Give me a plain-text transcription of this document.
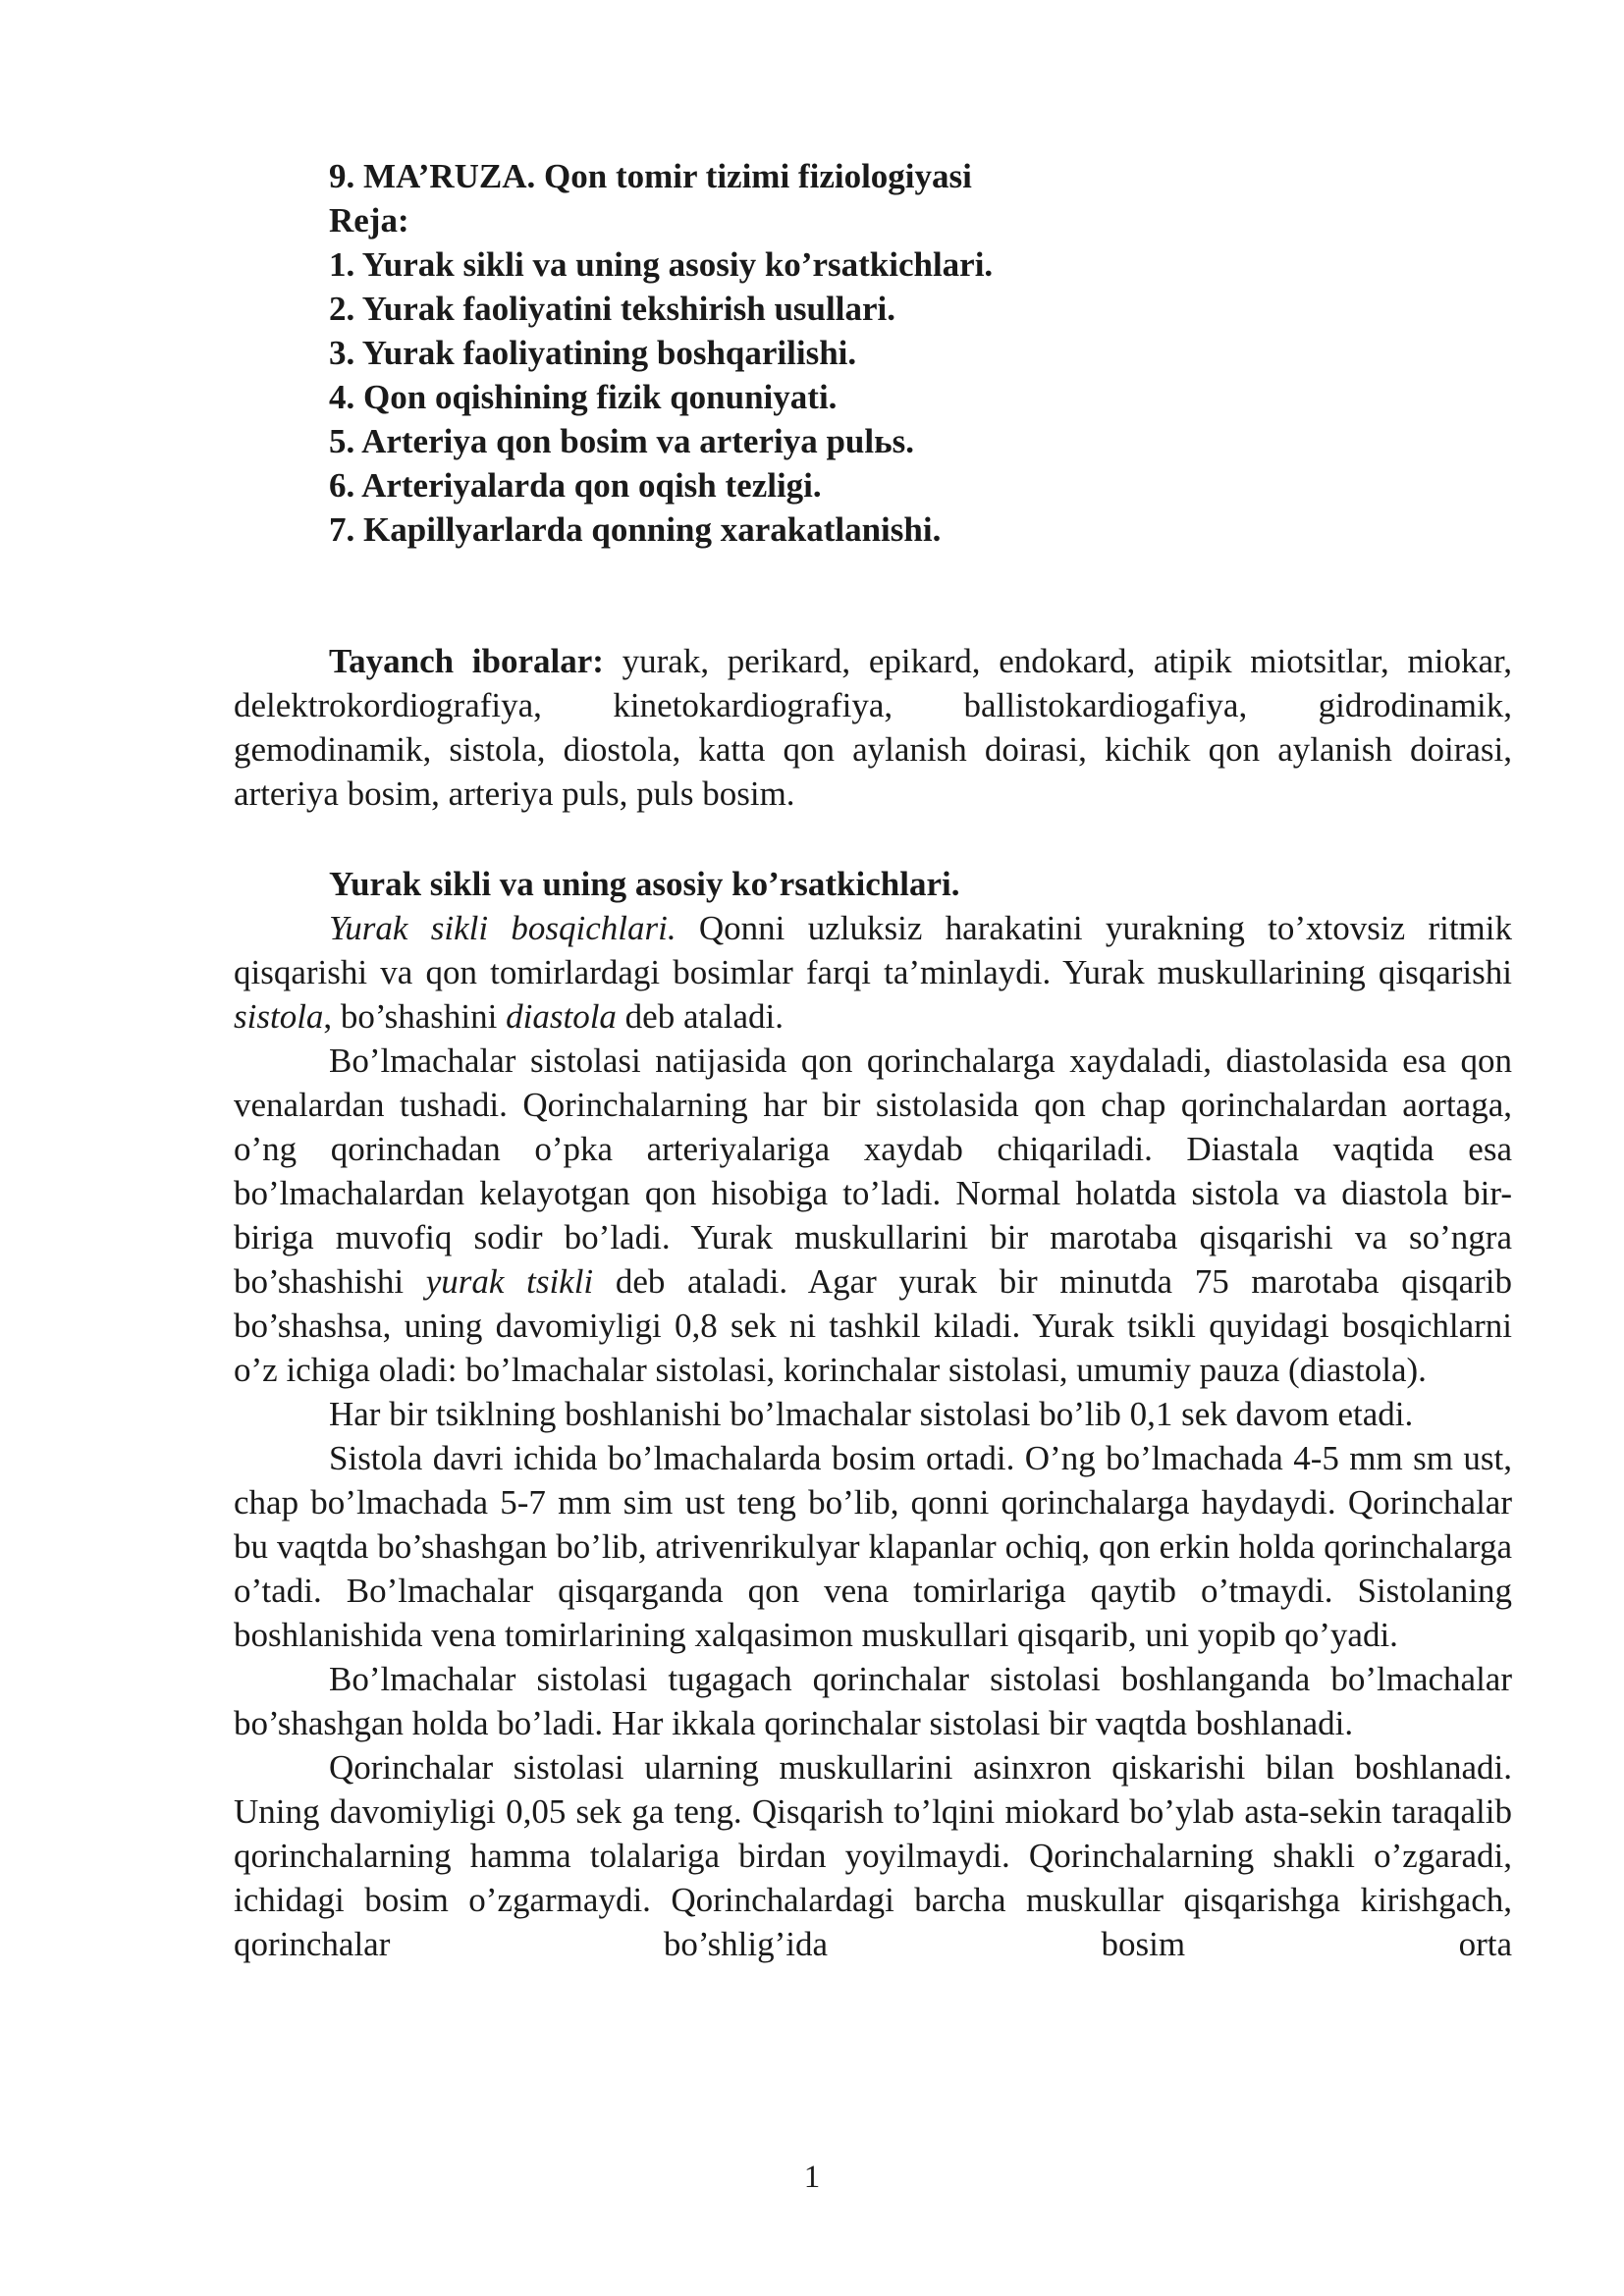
9. MA’RUZA. Qon tomir tizimi fiziologiyasi
Reja:
1. Yurak sikli va uning asosiy ko’rsatkichlari.
2. Yurak faoliyatini tekshirish usullari.
3. Yurak faoliyatining boshqarilishi.
4. Qon oqishining fizik qonuniyati.
5. Arteriya qon bosim va arteriya pulьs.
6. Arteriyalarda qon oqish tezligi.
7. Kapillyarlarda qonning xarakatlanishi.

Tayanch iboralar: yurak, perikard, epikard, endokard, atipik miotsitlar, miokar, delektrokordiografiya, kinetokardiografiya, ballistokardiogafiya, gidrodinamik, gemodinamik, sistola, diostola, katta qon aylanish doirasi, kichik qon aylanish doirasi, arteriya bosim, arteriya puls, puls bosim.

Yurak sikli va uning asosiy ko’rsatkichlari.

Yurak sikli bosqichlari. Qonni uzluksiz harakatini yurakning to’xtovsiz ritmik qisqarishi va qon tomirlardagi bosimlar farqi ta’minlaydi. Yurak muskullarining qisqarishi sistola, bo’shashini diastola deb ataladi.

Bo’lmachalar sistolasi natijasida qon qorinchalarga xaydaladi, diastolasida esa qon venalardan tushadi. Qorinchalarning har bir sistolasida qon chap qorinchalardan aortaga, o’ng qorinchadan o’pka arteriyalariga xaydab chiqariladi. Diastala vaqtida esa bo’lmachalardan kelayotgan qon hisobiga to’ladi. Normal holatda sistola va diastola bir-biriga muvofiq sodir bo’ladi. Yurak muskullarini bir marotaba qisqarishi va so’ngra bo’shashishi yurak tsikli deb ataladi. Agar yurak bir minutda 75 marotaba qisqarib bo’shashsa, uning davomiyligi 0,8 sek ni tashkil kiladi. Yurak tsikli quyidagi bosqichlarni o’z ichiga oladi: bo’lmachalar sistolasi, korinchalar sistolasi, umumiy pauza (diastola).

Har bir tsiklning boshlanishi bo’lmachalar sistolasi bo’lib 0,1 sek davom etadi.

Sistola davri ichida bo’lmachalarda bosim ortadi. O’ng bo’lmachada 4-5 mm sm ust, chap bo’lmachada 5-7 mm sim ust teng bo’lib, qonni qorinchalarga haydaydi. Qorinchalar bu vaqtda bo’shashgan bo’lib, atrivenrikulyar klapanlar ochiq, qon erkin holda qorinchalarga o’tadi. Bo’lmachalar qisqarganda qon vena tomirlariga qaytib o’tmaydi. Sistolaning boshlanishida vena tomirlarining xalqasimon muskullari qisqarib, uni yopib qo’yadi.

Bo’lmachalar sistolasi tugagach qorinchalar sistolasi boshlanganda bo’lmachalar bo’shashgan holda bo’ladi. Har ikkala qorinchalar sistolasi bir vaqtda boshlanadi.

Qorinchalar sistolasi ularning muskullarini asinxron qiskarishi bilan boshlanadi. Uning davomiyligi 0,05 sek ga teng. Qisqarish to’lqini miokard bo’ylab asta-sekin taraqalib qorinchalarning hamma tolalariga birdan yoyilmaydi. Qorinchalarning shakli o’zgaradi, ichidagi bosim o’zgarmaydi. Qorinchalardagi barcha muskullar qisqarishga kirishgach, qorinchalar bo’shlig’ida bosim orta

1
